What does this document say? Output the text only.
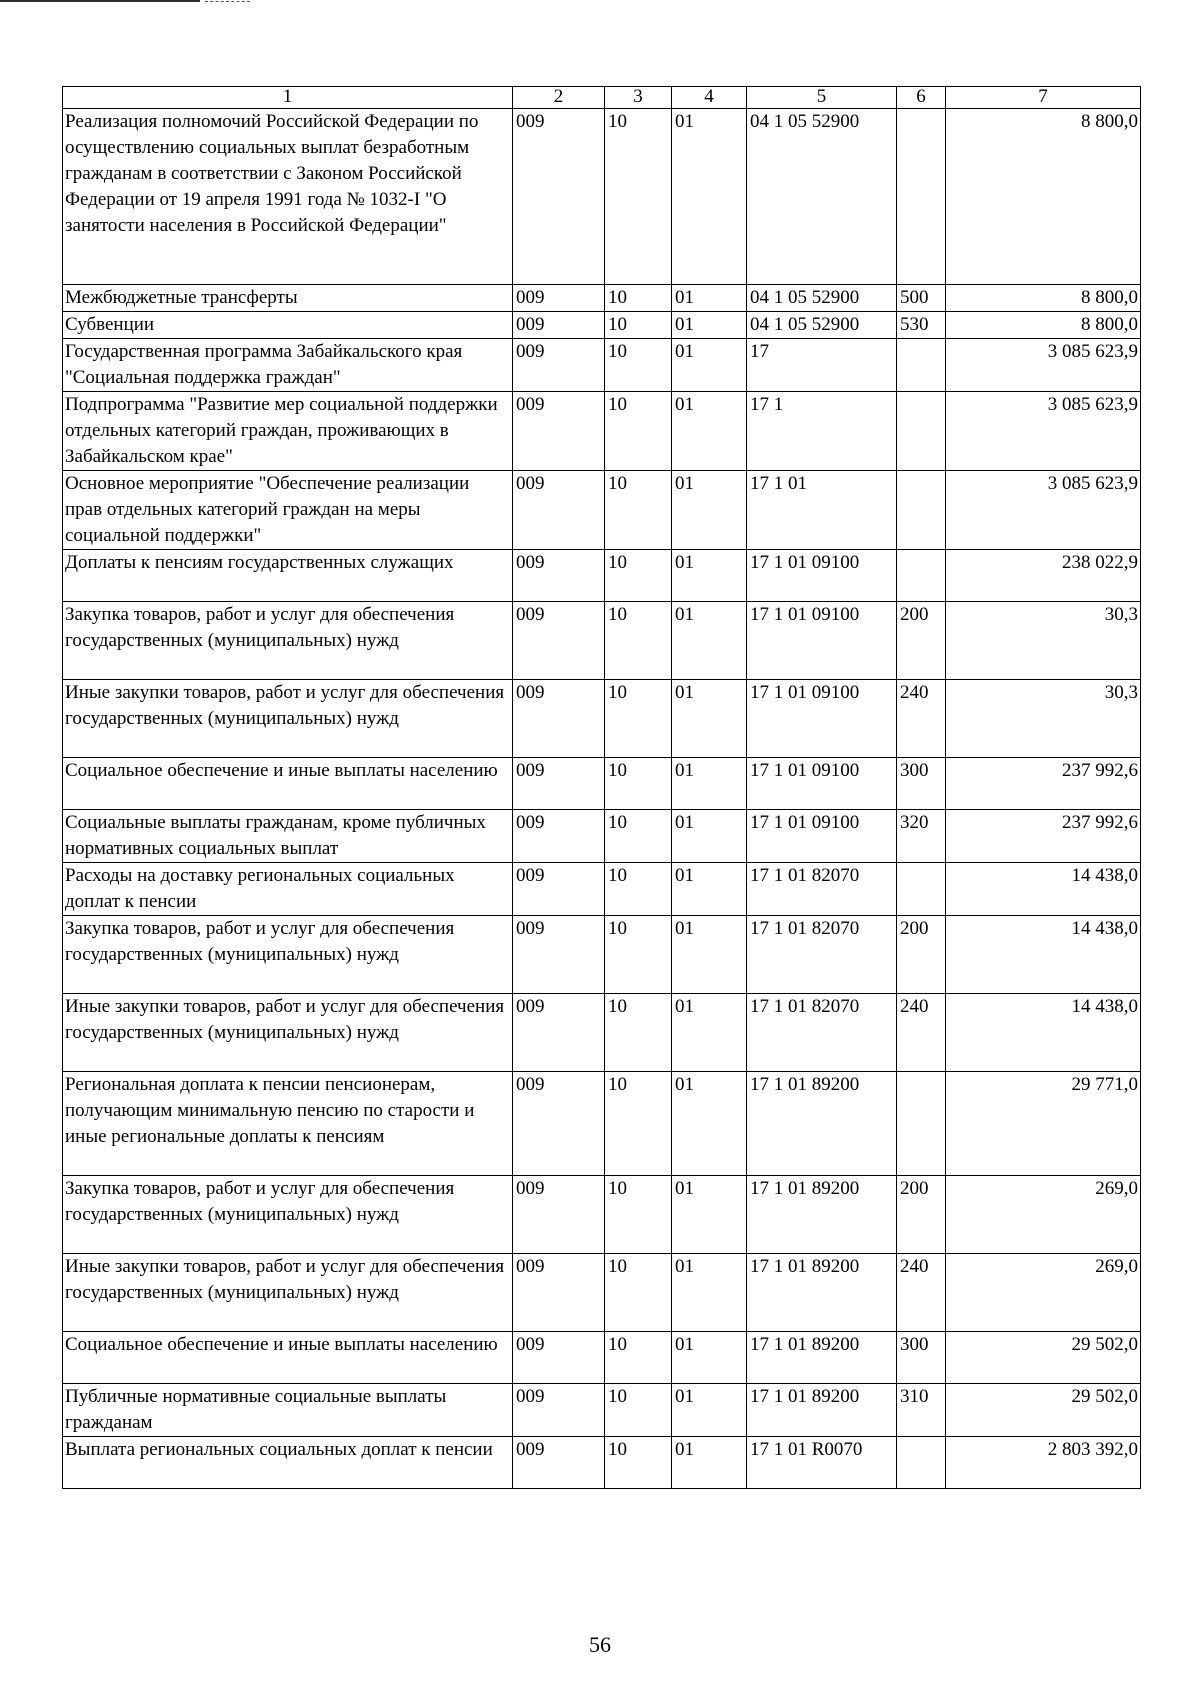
1	2	3	4	5	6	7
Реализация полномочий Российской Федерации по осуществлению социальных выплат безработным гражданам в соответствии с Законом Российской Федерации от 19 апреля 1991 года № 1032-I "О занятости населения в Российской Федерации"	009	10	01	04 1 05 52900		8 800,0
Межбюджетные трансферты	009	10	01	04 1 05 52900	500	8 800,0
Субвенции	009	10	01	04 1 05 52900	530	8 800,0
Государственная программа Забайкальского края "Социальная поддержка граждан"	009	10	01	17		3 085 623,9
Подпрограмма "Развитие мер социальной поддержки отдельных категорий граждан, проживающих в Забайкальском крае"	009	10	01	17 1		3 085 623,9
Основное мероприятие "Обеспечение реализации прав отдельных категорий граждан на меры социальной поддержки"	009	10	01	17 1 01		3 085 623,9
Доплаты к пенсиям государственных служащих	009	10	01	17 1 01 09100		238 022,9
Закупка товаров, работ и услуг для обеспечения государственных (муниципальных) нужд	009	10	01	17 1 01 09100	200	30,3
Иные закупки товаров, работ и услуг для обеспечения государственных (муниципальных) нужд	009	10	01	17 1 01 09100	240	30,3
Социальное обеспечение и иные выплаты населению	009	10	01	17 1 01 09100	300	237 992,6
Социальные выплаты гражданам, кроме публичных нормативных социальных выплат	009	10	01	17 1 01 09100	320	237 992,6
Расходы на доставку региональных социальных доплат к пенсии	009	10	01	17 1 01 82070		14 438,0
Закупка товаров, работ и услуг для обеспечения государственных (муниципальных) нужд	009	10	01	17 1 01 82070	200	14 438,0
Иные закупки товаров, работ и услуг для обеспечения государственных (муниципальных) нужд	009	10	01	17 1 01 82070	240	14 438,0
Региональная доплата к пенсии пенсионерам, получающим минимальную пенсию по старости и иные региональные доплаты к пенсиям	009	10	01	17 1 01 89200		29 771,0
Закупка товаров, работ и услуг для обеспечения государственных (муниципальных) нужд	009	10	01	17 1 01 89200	200	269,0
Иные закупки товаров, работ и услуг для обеспечения государственных (муниципальных) нужд	009	10	01	17 1 01 89200	240	269,0
Социальное обеспечение и иные выплаты населению	009	10	01	17 1 01 89200	300	29 502,0
Публичные нормативные социальные выплаты гражданам	009	10	01	17 1 01 89200	310	29 502,0
Выплата региональных социальных доплат к пенсии	009	10	01	17 1 01 R0070		2 803 392,0
56
